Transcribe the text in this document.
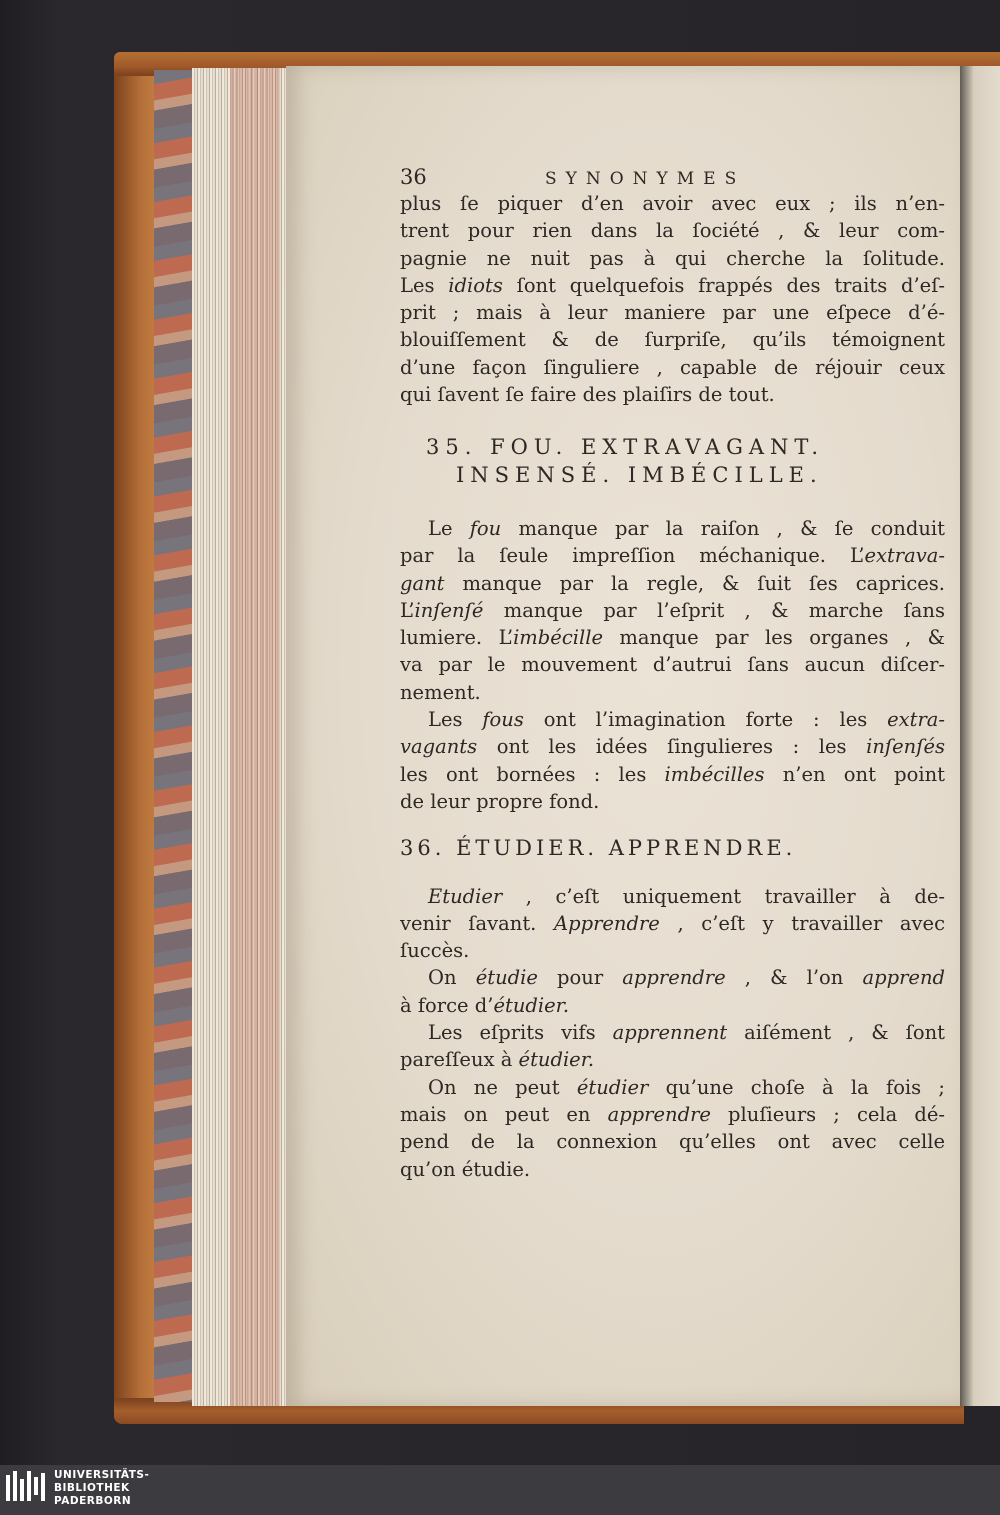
36	SYNONYMES
plus ſe piquer d’en avoir avec eux ; ils n’en-
trent pour rien dans la ſociété , & leur com-
pagnie ne nuit pas à qui cherche la ſolitude.
Les idiots ſont quelquefois frappés des traits d’eſ-
prit ; mais à leur maniere par une eſpece d’é-
blouiſſement & de ſurpriſe, qu’ils témoignent
d’une façon ſinguliere , capable de réjouir ceux
qui ſavent ſe faire des plaiſirs de tout.
35. FOU. EXTRAVAGANT.
INSENSÉ. IMBÉCILLE.
Le fou manque par la raiſon , & ſe conduit
par la ſeule impreſſion méchanique. L’extrava-
gant manque par la regle, & ſuit ſes caprices.
L’inſenſé manque par l’eſprit , & marche ſans
lumiere. L’imbécille manque par les organes , &
va par le mouvement d’autrui ſans aucun diſcer-
nement.
Les fous ont l’imagination forte : les extra-
vagants ont les idées ſingulieres : les inſenſés
les ont bornées : les imbécilles n’en ont point
de leur propre fond.
36. ÉTUDIER. APPRENDRE.
Etudier , c’eſt uniquement travailler à de-
venir ſavant. Apprendre , c’eſt y travailler avec
ſuccès.
On étudie pour apprendre , & l’on apprend
à force d’étudier.
Les eſprits vifs apprennent aiſément , & ſont
pareſſeux à étudier.
On ne peut étudier qu’une choſe à la fois ;
mais on peut en apprendre pluſieurs ; cela dé-
pend de la connexion qu’elles ont avec celle
qu’on étudie.
UNIVERSITÄTS-
BIBLIOTHEK
PADERBORN
